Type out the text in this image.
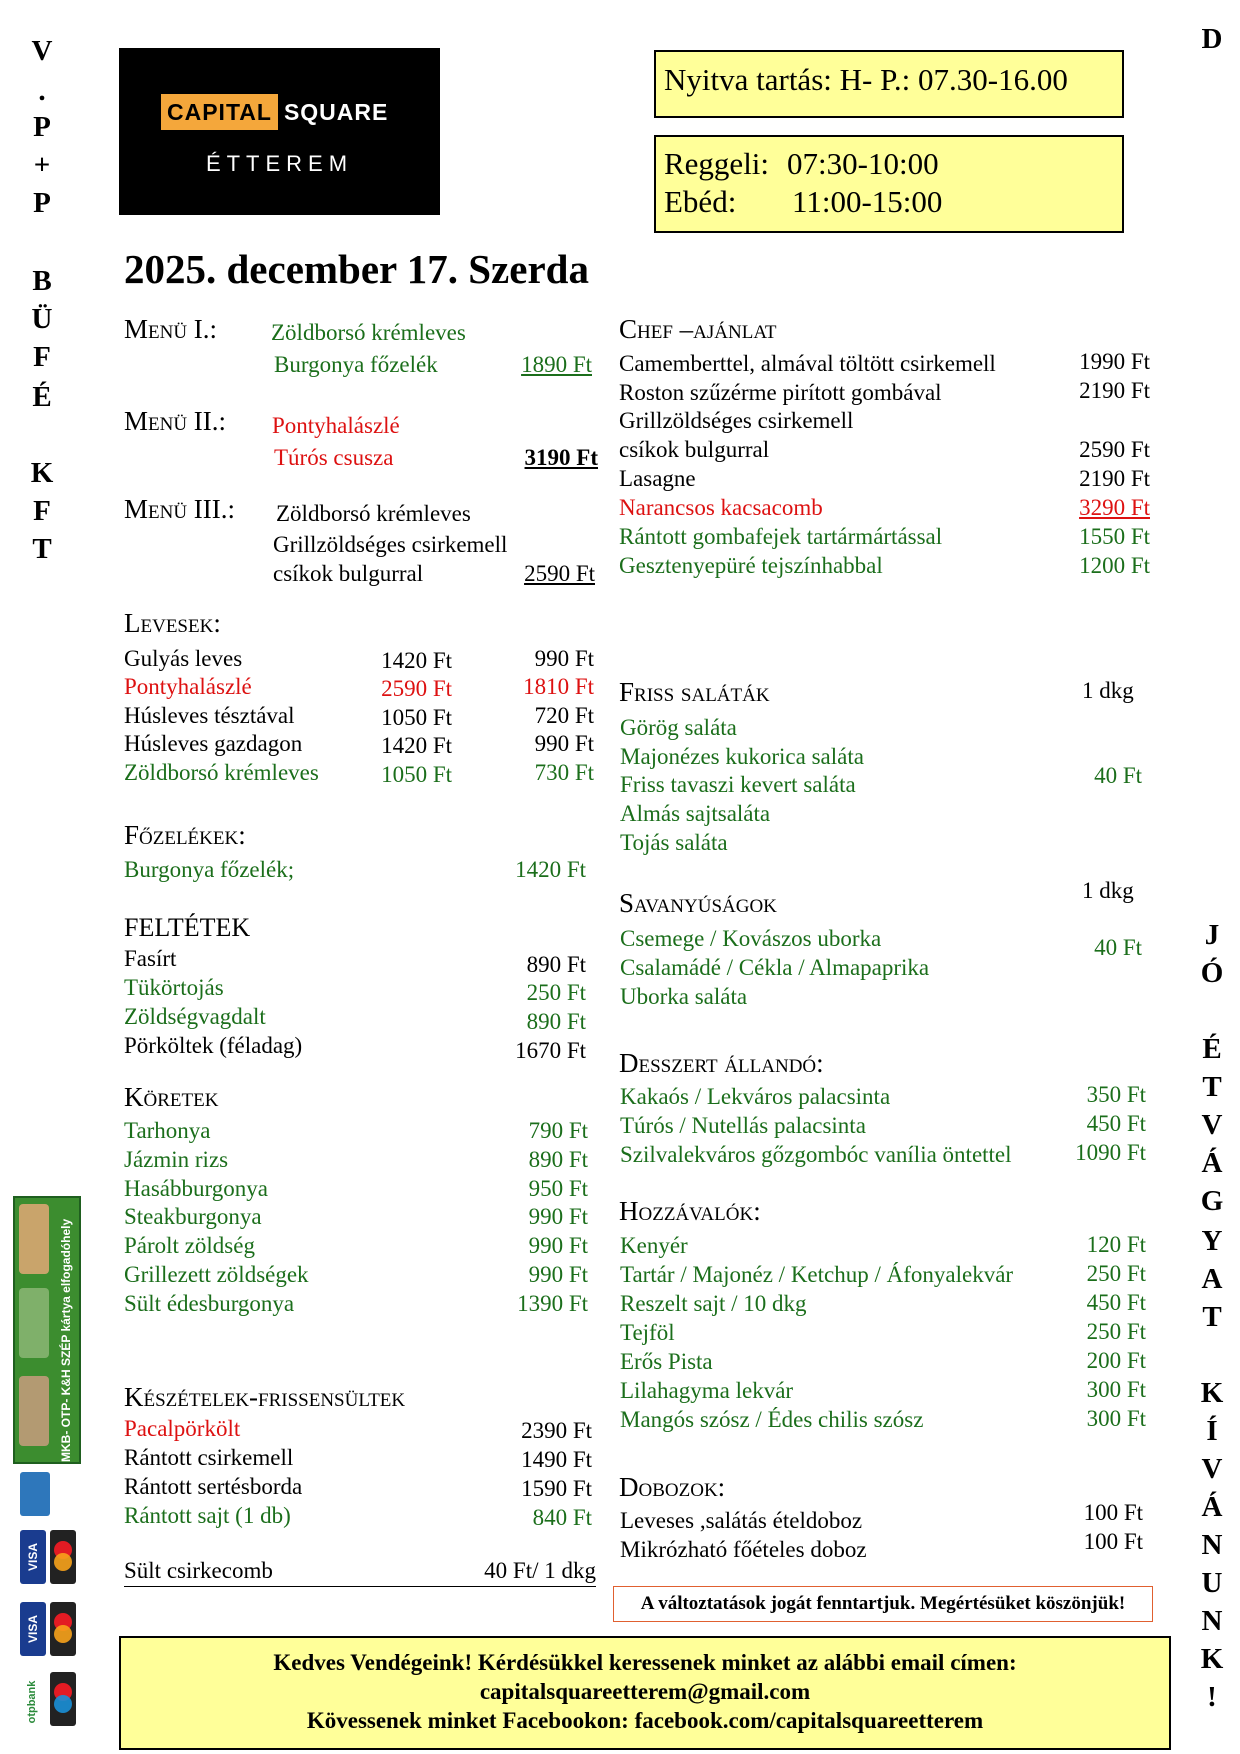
V
.
P
+
P
B
Ü
F
É
K
F
T
D
J
Ó
É
T
V
Á
G
Y
A
T
K
Í
V
Á
N
U
N
K
!
CAPITAL SQUARE
ÉTTEREM
Nyitva tartás: H- P.: 07.30-16.00
Reggeli: 07:30-10:00
Ebéd: 11:00-15:00
2025. december 17. Szerda
Menü I.: Zöldborsó krémleves
Burgonya főzelék	1890 Ft
Menü II.: Pontyhalászlé
Túrós csusza	3190 Ft
Menü III.: Zöldborsó krémleves
Grillzöldséges csirkemell
csíkok bulgurral	2590 Ft
Levesek:
Gulyás leves	1420 Ft	990 Ft
Pontyhalászlé	2590 Ft	1810 Ft
Húsleves tésztával	1050 Ft	720 Ft
Húsleves gazdagon	1420 Ft	990 Ft
Zöldborsó krémleves	1050 Ft	730 Ft
Főzelékek:
Burgonya főzelék;	1420 Ft
FELTÉTEK
Fasírt	890 Ft
Tükörtojás	250 Ft
Zöldségvagdalt	890 Ft
Pörköltek (féladag)	1670 Ft
Köretek
Tarhonya	790 Ft
Jázmin rizs	890 Ft
Hasábburgonya	950 Ft
Steakburgonya	990 Ft
Párolt zöldség	990 Ft
Grillezett zöldségek	990 Ft
Sült édesburgonya	1390 Ft
Készételek-frissensültek
Pacalpörkölt	2390 Ft
Rántott csirkemell	1490 Ft
Rántott sertésborda	1590 Ft
Rántott sajt (1 db)	840 Ft
Sült csirkecomb	40 Ft/ 1 dkg
Chef –ajánlat
Camemberttel, almával töltött csirkemell	1990 Ft
Roston szűzérme pirított gombával	2190 Ft
Grillzöldséges csirkemell
csíkok bulgurral	2590 Ft
Lasagne	2190 Ft
Narancsos kacsacomb	3290 Ft
Rántott gombafejek tartármártással	1550 Ft
Gesztenyepüré tejszínhabbal	1200 Ft
Friss saláták	1 dkg
Görög saláta
Majonézes kukorica saláta
Friss tavaszi kevert saláta	40 Ft
Almás sajtsaláta
Tojás saláta
Savanyúságok	1 dkg
Csemege / Kovászos uborka	40 Ft
Csalamádé / Cékla / Almapaprika
Uborka saláta
Desszert állandó:
Kakaós / Lekváros palacsinta	350 Ft
Túrós / Nutellás palacsinta	450 Ft
Szilvalekváros gőzgombóc vanília öntettel	1090 Ft
Hozzávalók:
Kenyér	120 Ft
Tartár / Majonéz / Ketchup / Áfonyalekvár	250 Ft
Reszelt sajt / 10 dkg	450 Ft
Tejföl	250 Ft
Erős Pista	200 Ft
Lilahagyma lekvár	300 Ft
Mangós szósz / Édes chilis szósz	300 Ft
Dobozok:
Leveses ,salátás ételdoboz	100 Ft
Mikrózható főételes doboz	100 Ft
A változtatások jogát fenntartjuk. Megértésüket köszönjük!
Kedves Vendégeink! Kérdésükkel keressenek minket az alábbi email címen:
capitalsquareetterem@gmail.com
Kövessenek minket Facebookon: facebook.com/capitalsquareetterem
MKB- OTP- K&H SZÉP kártya elfogadóhely
VISA
VISA
otpbank
